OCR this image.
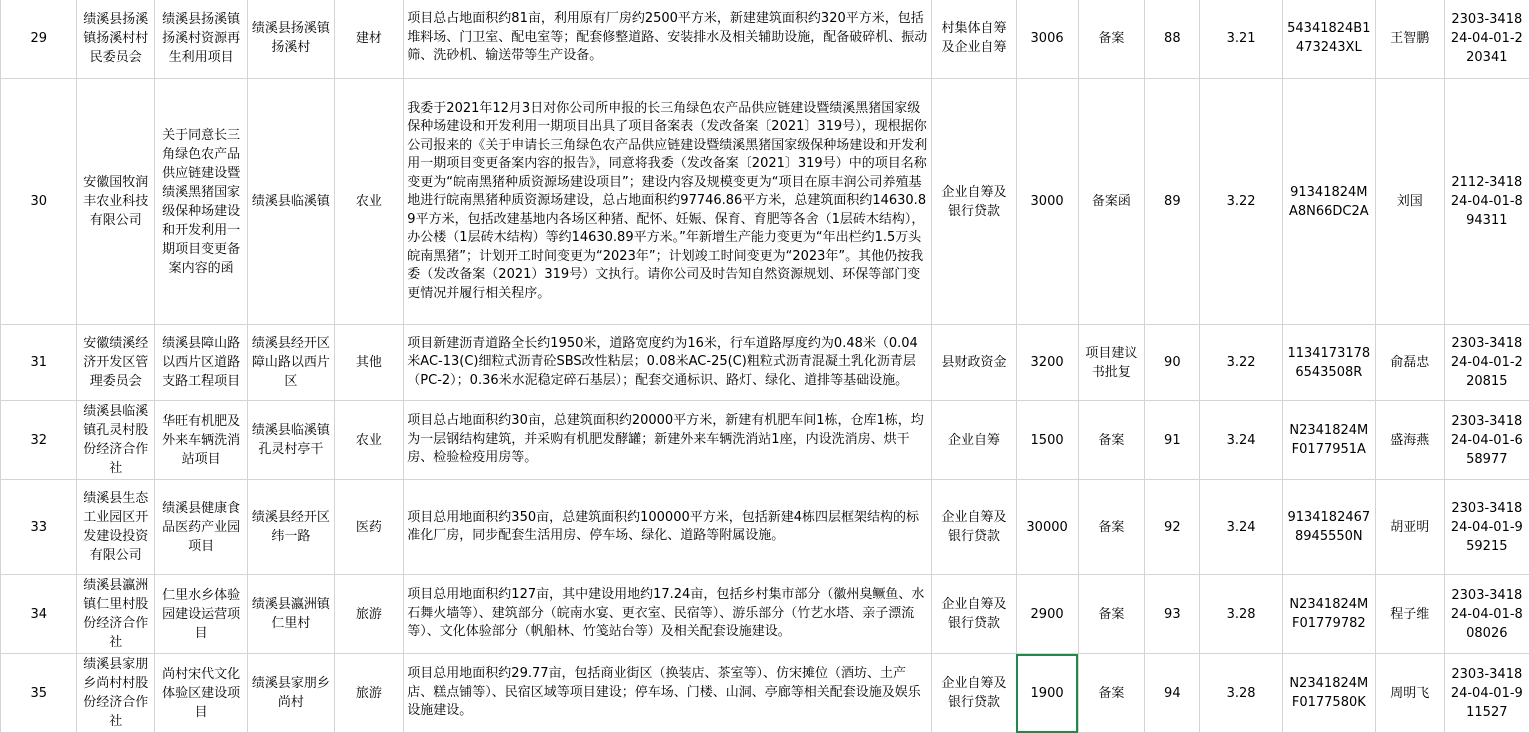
29	绩溪县扬溪镇扬溪村村民委员会	绩溪县扬溪镇扬溪村资源再生利用项目	绩溪县扬溪镇扬溪村	建材	项目总占地面积约81亩，利用原有厂房约2500平方米，新建建筑面积约320平方米，包括堆料场、门卫室、配电室等；配套修整道路、安装排水及相关辅助设施，配备破碎机、振动筛、洗砂机、输送带等生产设备。	村集体自筹及企业自筹	3006	备案	88	3.21	54341824B1473243XL	王智鹏	2303-341824-04-01-220341
30	安徽国牧润丰农业科技有限公司	关于同意长三角绿色农产品供应链建设暨绩溪黑猪国家级保种场建设和开发利用一期项目变更备案内容的函	绩溪县临溪镇	农业	我委于2021年12月3日对你公司所申报的长三角绿色农产品供应链建设暨绩溪黑猪国家级保种场建设和开发利用一期项目出具了项目备案表（发改备案〔2021〕319号），现根据你公司报来的《关于申请长三角绿色农产品供应链建设暨绩溪黑猪国家级保种场建设和开发利用一期项目变更备案内容的报告》，同意将我委（发改备案〔2021〕319号）中的项目名称变更为“皖南黑猪种质资源场建设项目”；建设内容及规模变更为“项目在原丰润公司养殖基地进行皖南黑猪种质资源场建设，总占地面积约97746.86平方米，总建筑面积约14630.89平方米，包括改建基地内各场区种猪、配怀、妊娠、保育、育肥等各舍（1层砖木结构），办公楼（1层砖木结构）等约14630.89平方米。”年新增生产能力变更为“年出栏约1.5万头皖南黑猪”；计划开工时间变更为“2023年”；计划竣工时间变更为“2023年”。其他仍按我委（发改备案（2021）319号）文执行。请你公司及时告知自然资源规划、环保等部门变更情况并履行相关程序。	企业自筹及银行贷款	3000	备案函	89	3.22	91341824MA8N66DC2A	刘国	2112-341824-04-01-894311
31	安徽绩溪经济开发区管理委员会	绩溪县障山路以西片区道路支路工程项目	绩溪县经开区障山路以西片区	其他	项目新建沥青道路全长约1950米，道路宽度约为16米，行车道路厚度约为0.48米（0.04米AC-13(C)细粒式沥青砼SBS改性粘层；0.08米AC-25(C)粗粒式沥青混凝土乳化沥青层（PC-2）；0.36米水泥稳定碎石基层）；配套交通标识、路灯、绿化、道排等基础设施。	县财政资金	3200	项目建议书批复	90	3.22	11341731786543508R	俞磊忠	2303-341824-04-01-220815
32	绩溪县临溪镇孔灵村股份经济合作社	华旺有机肥及外来车辆洗消站项目	绩溪县临溪镇孔灵村亭干	农业	项目总占地面积约30亩，总建筑面积约20000平方米，新建有机肥车间1栋，仓库1栋，均为一层钢结构建筑，并采购有机肥发酵罐；新建外来车辆洗消站1座，内设洗消房、烘干房、检验检疫用房等。	企业自筹	1500	备案	91	3.24	N2341824MF0177951A	盛海燕	2303-341824-04-01-658977
33	绩溪县生态工业园区开发建设投资有限公司	绩溪县健康食品医药产业园项目	绩溪县经开区纬一路	医药	项目总用地面积约350亩，总建筑面积约100000平方米，包括新建4栋四层框架结构的标准化厂房，同步配套生活用房、停车场、绿化、道路等附属设施。	企业自筹及银行贷款	30000	备案	92	3.24	91341824678945550N	胡亚明	2303-341824-04-01-959215
34	绩溪县瀛洲镇仁里村股份经济合作社	仁里水乡体验园建设运营项目	绩溪县瀛洲镇仁里村	旅游	项目总用地面积约127亩，其中建设用地约17.24亩，包括乡村集市部分（徽州臭鳜鱼、水石舞火墙等）、建筑部分（皖南水宴、更衣室、民宿等）、游乐部分（竹艺水塔、亲子漂流等）、文化体验部分（帆船林、竹笺站台等）及相关配套设施建设。	企业自筹及银行贷款	2900	备案	93	3.28	N2341824MF01779782	程子维	2303-341824-04-01-808026
35	绩溪县家朋乡尚村村股份经济合作社	尚村宋代文化体验区建设项目	绩溪县家朋乡尚村	旅游	项目总用地面积约29.77亩，包括商业街区（换装店、茶室等）、仿宋摊位（酒坊、土产店、糕点铺等）、民宿区域等项目建设；停车场、门楼、山洞、亭廊等相关配套设施及娱乐设施建设。	企业自筹及银行贷款	1900	备案	94	3.28	N2341824MF0177580K	周明飞	2303-341824-04-01-911527
